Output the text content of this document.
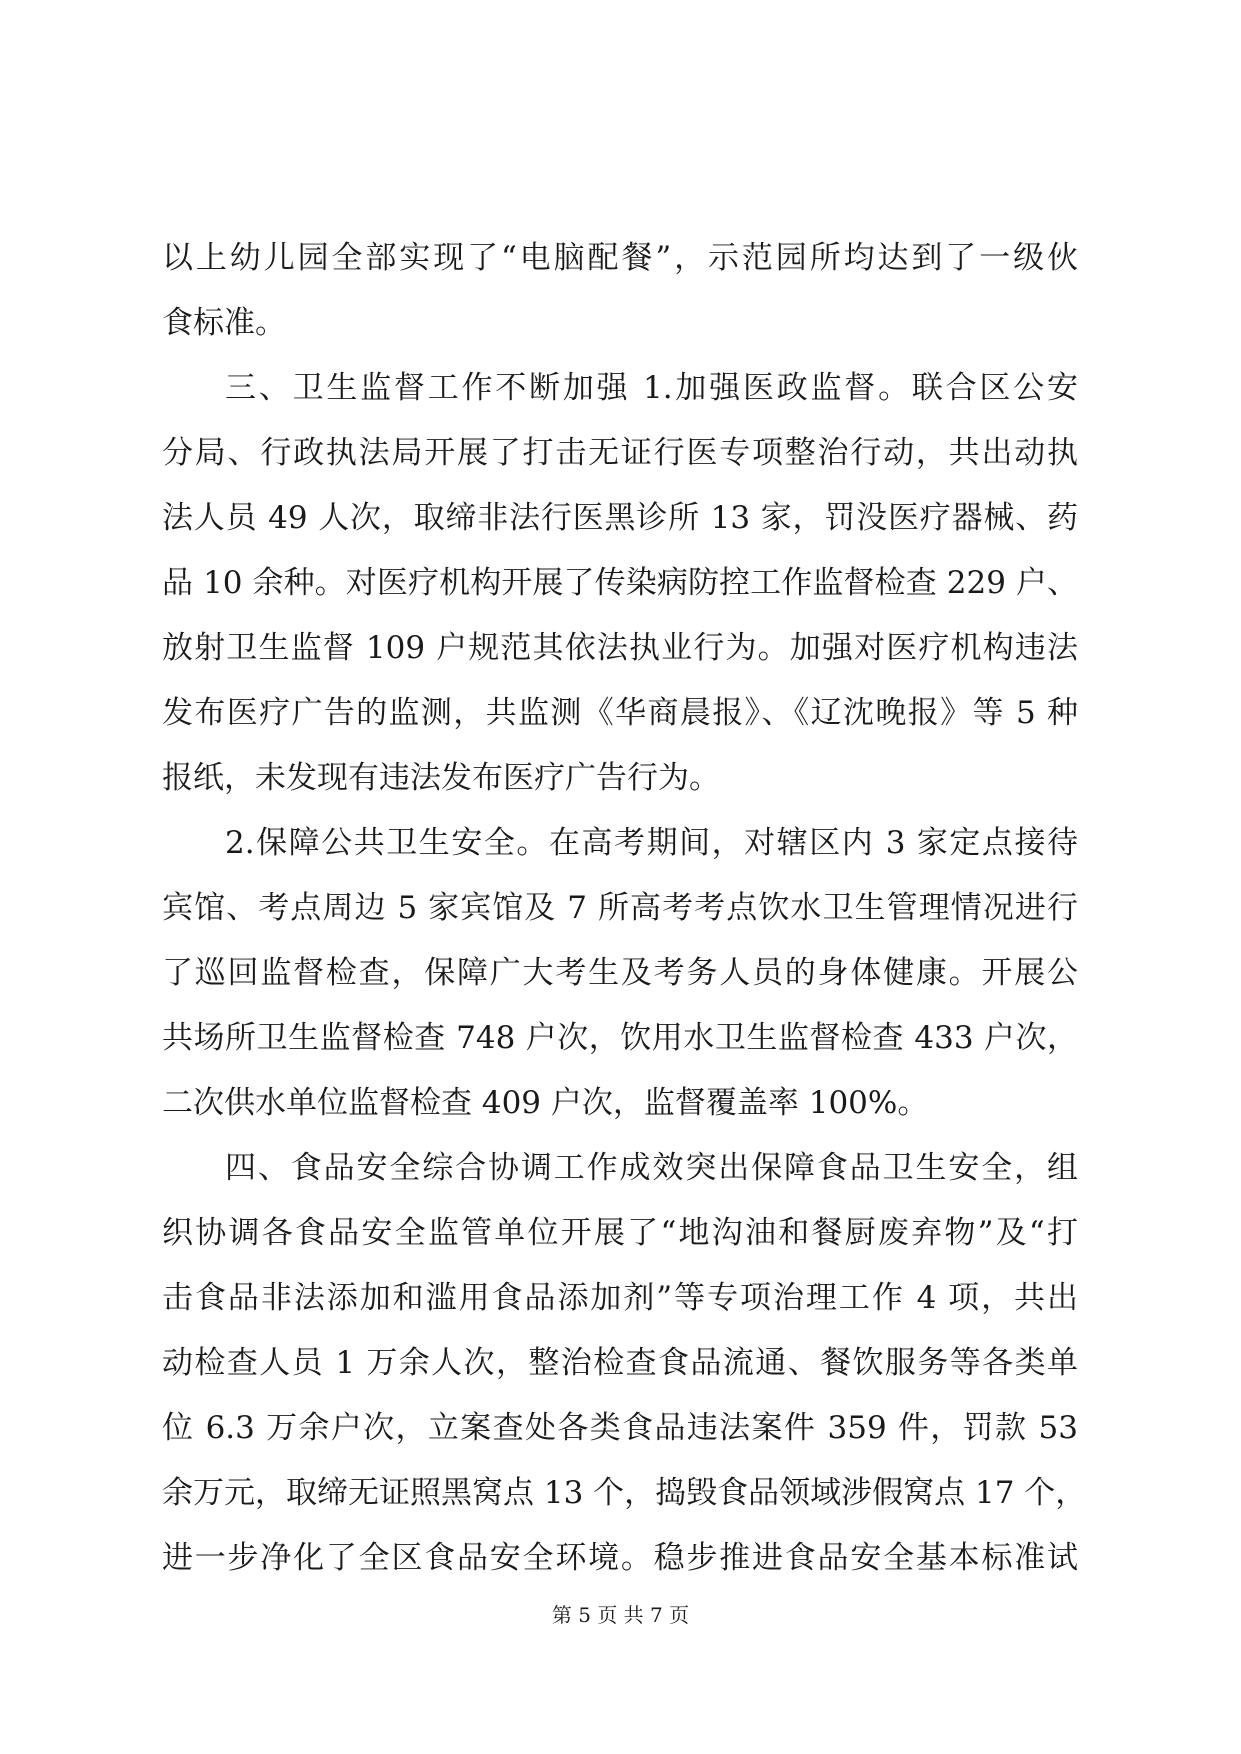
以上幼儿园全部实现了“电脑配餐”，示范园所均达到了一级伙
食标准。
三、卫生监督工作不断加强 1.加强医政监督。联合区公安
分局、行政执法局开展了打击无证行医专项整治行动，共出动执
法人员 49 人次，取缔非法行医黑诊所 13 家，罚没医疗器械、药
品 10 余种。对医疗机构开展了传染病防控工作监督检查 229 户、
放射卫生监督 109 户规范其依法执业行为。加强对医疗机构违法
发布医疗广告的监测，共监测《华商晨报》、《辽沈晚报》等 5 种
报纸，未发现有违法发布医疗广告行为。
2.保障公共卫生安全。在高考期间，对辖区内 3 家定点接待
宾馆、考点周边 5 家宾馆及 7 所高考考点饮水卫生管理情况进行
了巡回监督检查，保障广大考生及考务人员的身体健康。开展公
共场所卫生监督检查 748 户次，饮用水卫生监督检查 433 户次，
二次供水单位监督检查 409 户次，监督覆盖率 100%。
四、食品安全综合协调工作成效突出保障食品卫生安全，组
织协调各食品安全监管单位开展了“地沟油和餐厨废弃物”及“打
击食品非法添加和滥用食品添加剂”等专项治理工作 4 项，共出
动检查人员 1 万余人次，整治检查食品流通、餐饮服务等各类单
位 6.3 万余户次，立案查处各类食品违法案件 359 件，罚款 53
余万元，取缔无证照黑窝点 13 个，捣毁食品领域涉假窝点 17 个，
进一步净化了全区食品安全环境。稳步推进食品安全基本标准试
第 5 页 共 7 页
